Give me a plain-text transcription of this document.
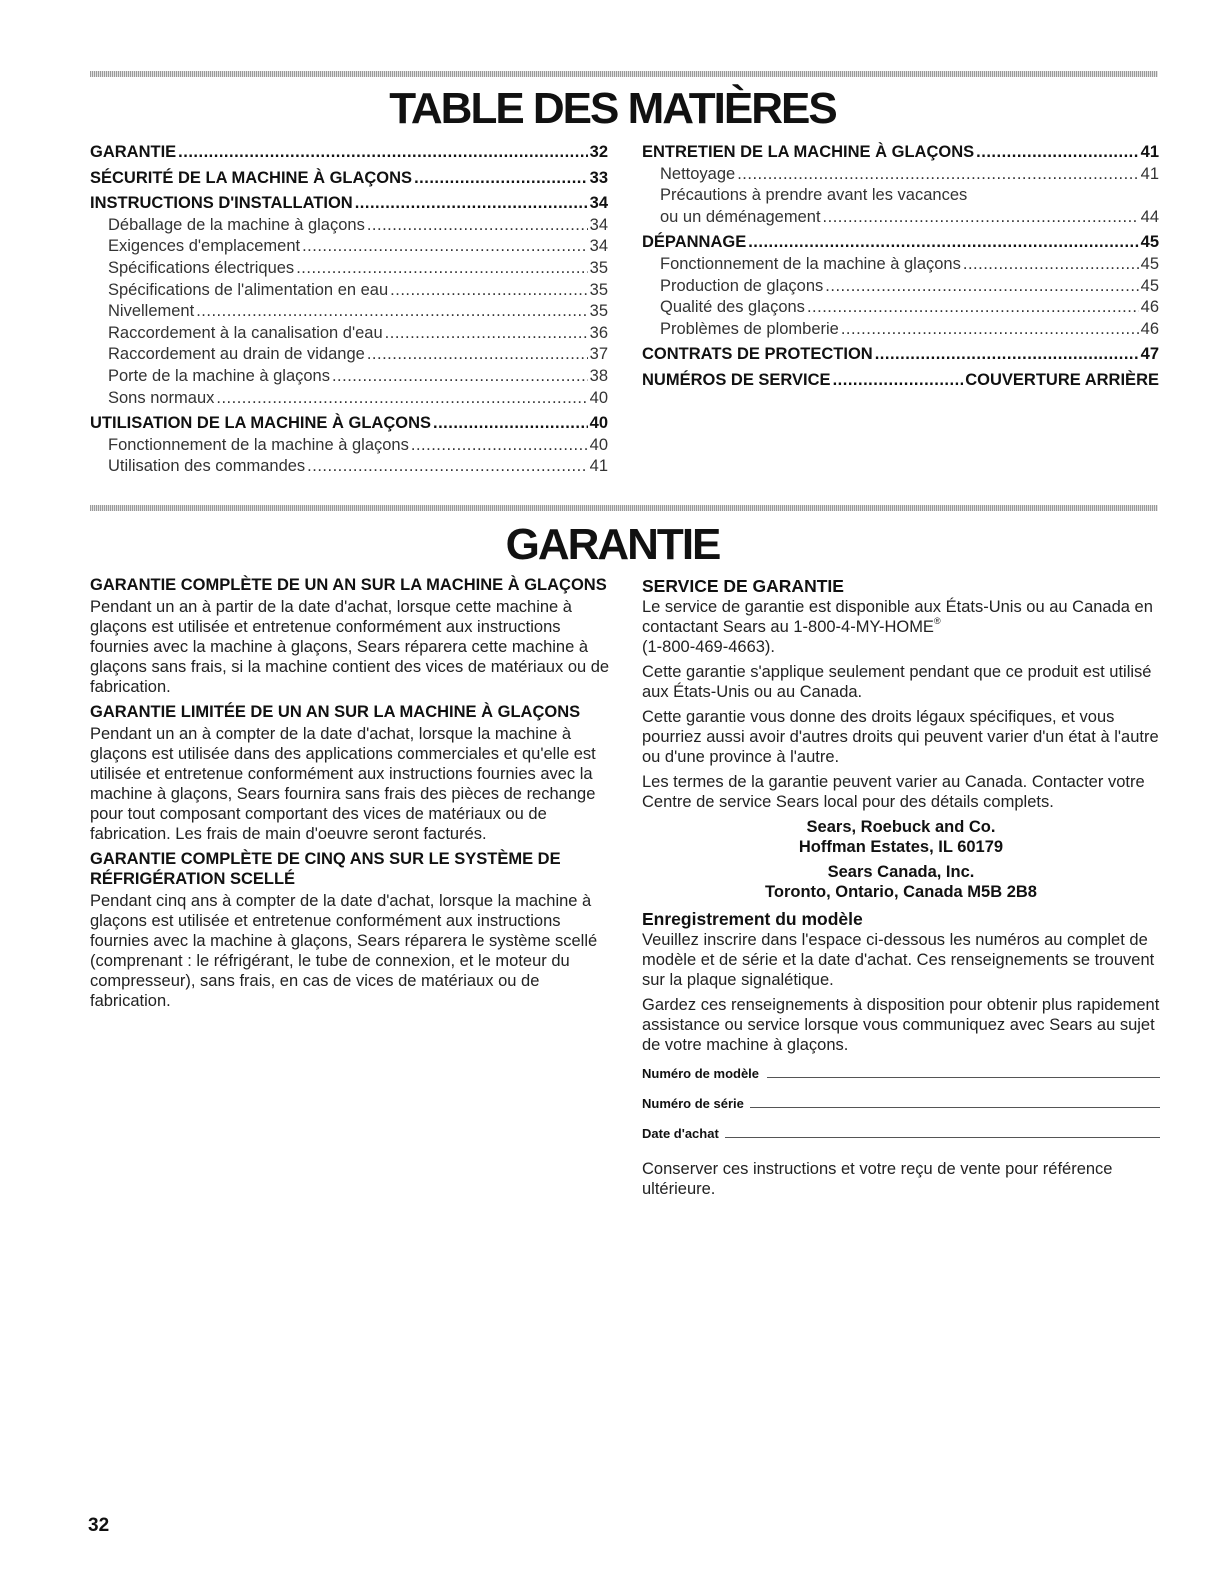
TABLE DES MATIÈRES
GARANTIE .....	32
SÉCURITÉ DE LA MACHINE À GLAÇONS .....	33
INSTRUCTIONS D'INSTALLATION .....	34
Déballage de la machine à glaçons .....	34
Exigences d'emplacement .....	34
Spécifications électriques .....	35
Spécifications de l'alimentation en eau .....	35
Nivellement .....	35
Raccordement à la canalisation d'eau .....	36
Raccordement au drain de vidange .....	37
Porte de la machine à glaçons .....	38
Sons normaux .....	40
UTILISATION DE LA MACHINE À GLAÇONS .....	40
Fonctionnement de la machine à glaçons .....	40
Utilisation des commandes .....	41
ENTRETIEN DE LA MACHINE À GLAÇONS .....	41
Nettoyage .....	41
Précautions à prendre avant les vacances
ou un déménagement .....	44
DÉPANNAGE .....	45
Fonctionnement de la machine à glaçons .....	45
Production de glaçons .....	45
Qualité des glaçons .....	46
Problèmes de plomberie .....	46
CONTRATS DE PROTECTION .....	47
NUMÉROS DE SERVICE .....	COUVERTURE ARRIÈRE
GARANTIE

GARANTIE COMPLÈTE DE UN AN SUR LA MACHINE À GLAÇONS

Pendant un an à partir de la date d'achat, lorsque cette machine à glaçons est utilisée et entretenue conformément aux instructions fournies avec la machine à glaçons, Sears réparera cette machine à glaçons sans frais, si la machine contient des vices de matériaux ou de fabrication.

GARANTIE LIMITÉE DE UN AN SUR LA MACHINE À GLAÇONS

Pendant un an à compter de la date d'achat, lorsque la machine à glaçons est utilisée dans des applications commerciales et qu'elle est utilisée et entretenue conformément aux instructions fournies avec la machine à glaçons, Sears fournira sans frais des pièces de rechange pour tout composant comportant des vices de matériaux ou de fabrication. Les frais de main d'oeuvre seront facturés.

GARANTIE COMPLÈTE DE CINQ ANS SUR LE SYSTÈME DE RÉFRIGÉRATION SCELLÉ

Pendant cinq ans à compter de la date d'achat, lorsque la machine à glaçons est utilisée et entretenue conformément aux instructions fournies avec la machine à glaçons, Sears réparera le système scellé (comprenant : le réfrigérant, le tube de connexion, et le moteur du compresseur), sans frais, en cas de vices de matériaux ou de fabrication.

SERVICE DE GARANTIE

Le service de garantie est disponible aux États-Unis ou au Canada en contactant Sears au 1-800-4-MY-HOME®
(1-800-469-4663).

Cette garantie s'applique seulement pendant que ce produit est utilisé aux États-Unis ou au Canada.

Cette garantie vous donne des droits légaux spécifiques, et vous pourriez aussi avoir d'autres droits qui peuvent varier d'un état à l'autre ou d'une province à l'autre.

Les termes de la garantie peuvent varier au Canada. Contacter votre Centre de service Sears local pour des détails complets.

Sears, Roebuck and Co.
Hoffman Estates, IL 60179
Sears Canada, Inc.
Toronto, Ontario, Canada M5B 2B8

Enregistrement du modèle

Veuillez inscrire dans l'espace ci-dessous les numéros au complet de modèle et de série et la date d'achat. Ces renseignements se trouvent sur la plaque signalétique.

Gardez ces renseignements à disposition pour obtenir plus rapidement assistance ou service lorsque vous communiquez avec Sears au sujet de votre machine à glaçons.

Numéro de modèle
Numéro de série
Date d'achat

Conserver ces instructions et votre reçu de vente pour référence ultérieure.

32
